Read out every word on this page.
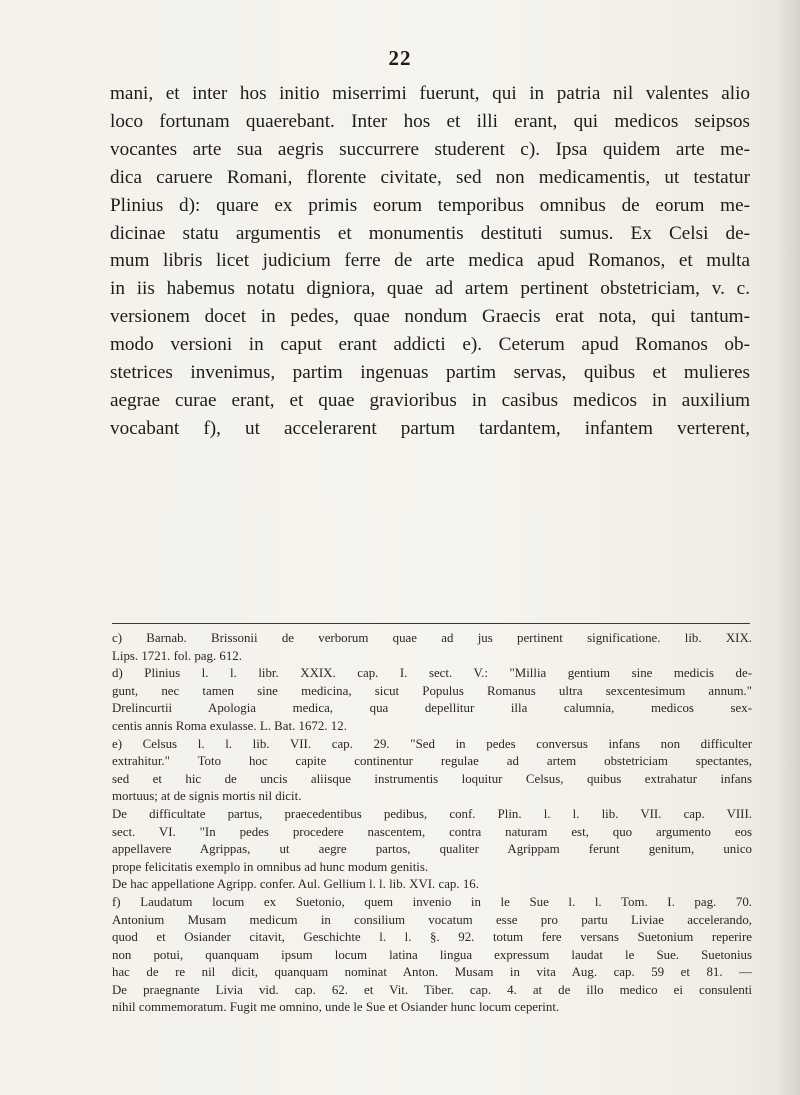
22
mani, et inter hos initio miserrimi fuerunt, qui in patria nil valentes alio
loco fortunam quaerebant. Inter hos et illi erant, qui medicos seipsos
vocantes arte sua aegris succurrere studerent c). Ipsa quidem arte me-
dica caruere Romani, florente civitate, sed non medicamentis, ut testatur
Plinius d): quare ex primis eorum temporibus omnibus de eorum me-
dicinae statu argumentis et monumentis destituti sumus. Ex Celsi de-
mum libris licet judicium ferre de arte medica apud Romanos, et multa
in iis habemus notatu digniora, quae ad artem pertinent obstetriciam, v. c.
versionem docet in pedes, quae nondum Graecis erat nota, qui tantum-
modo versioni in caput erant addicti e). Ceterum apud Romanos ob-
stetrices invenimus, partim ingenuas partim servas, quibus et mulieres
aegrae curae erant, et quae gravioribus in casibus medicos in auxilium
vocabant f), ut accelerarent partum tardantem, infantem verterent,
c) Barnab. Brissonii de verborum quae ad jus pertinent significatione. lib. XIX.
Lips. 1721. fol. pag. 612.
d) Plinius l. l. libr. XXIX. cap. I. sect. V.: "Millia gentium sine medicis de-
gunt, nec tamen sine medicina, sicut Populus Romanus ultra sexcentesimum annum."
Drelincurtii Apologia medica, qua depellitur illa calumnia, medicos sex-
centis annis Roma exulasse. L. Bat. 1672. 12.
e) Celsus l. l. lib. VII. cap. 29. "Sed in pedes conversus infans non difficulter
extrahitur." Toto hoc capite continentur regulae ad artem obstetriciam spectantes,
sed et hic de uncis aliisque instrumentis loquitur Celsus, quibus extrahatur infans
mortuus; at de signis mortis nil dicit.
De difficultate partus, praecedentibus pedibus, conf. Plin. l. l. lib. VII. cap. VIII.
sect. VI. "In pedes procedere nascentem, contra naturam est, quo argumento eos
appellavere Agrippas, ut aegre partos, qualiter Agrippam ferunt genitum, unico
prope felicitatis exemplo in omnibus ad hunc modum genitis.
De hac appellatione Agripp. confer. Aul. Gellium l. l. lib. XVI. cap. 16.
f) Laudatum locum ex Suetonio, quem invenio in le Sue l. l. Tom. I. pag. 70.
Antonium Musam medicum in consilium vocatum esse pro partu Liviae accelerando,
quod et Osiander citavit, Geschichte l. l. §. 92. totum fere versans Suetonium reperire
non potui, quanquam ipsum locum latina lingua expressum laudat le Sue. Suetonius
hac de re nil dicit, quanquam nominat Anton. Musam in vita Aug. cap. 59 et 81. —
De praegnante Livia vid. cap. 62. et Vit. Tiber. cap. 4. at de illo medico ei consulenti
nihil commemoratum. Fugit me omnino, unde le Sue et Osiander hunc locum ceperint.
